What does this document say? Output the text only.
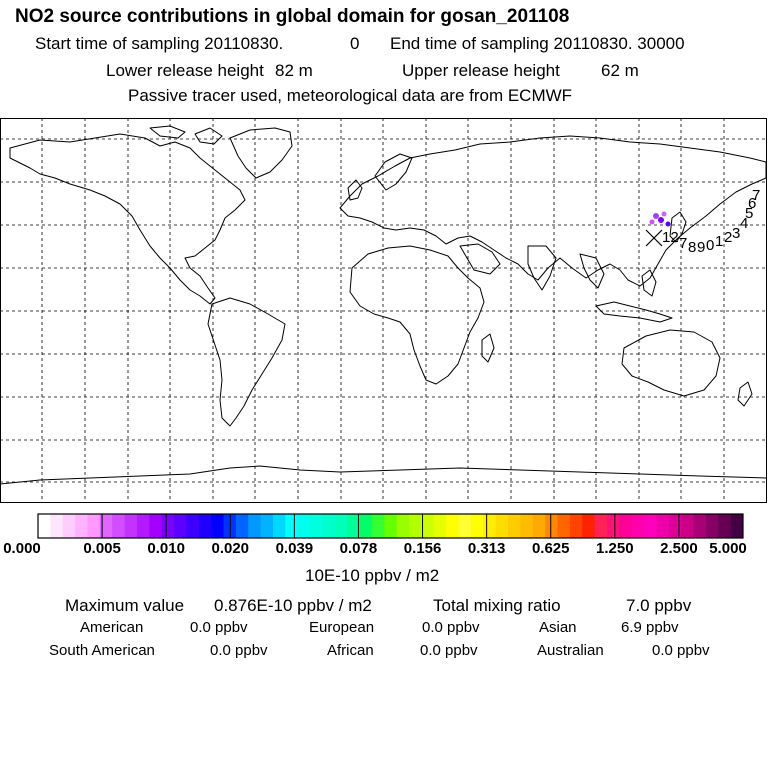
NO2 source contributions in global domain for gosan_201108
Start time of sampling 20110830.	0 End time of sampling 20110830. 30000
Lower release height 82 m	Upper release height 62 m
Passive tracer used, meteorological data are from ECMWF
12 7 8 9 0 1 2 3
4
5
6
7
0.000	0.005 0.010 0.020 0.039 0.078 0.156 0.313 0.625 1.250 2.500 5.000
10E-10 ppbv / m2
Maximum value 0.876E-10 ppbv / m2	Total mixing ratio	7.0 ppbv
American	0.0 ppbv	European	0.0 ppbv	Asian	6.9 ppbv
South American	0.0 ppbv	African	0.0 ppbv	Australian	0.0 ppbv
